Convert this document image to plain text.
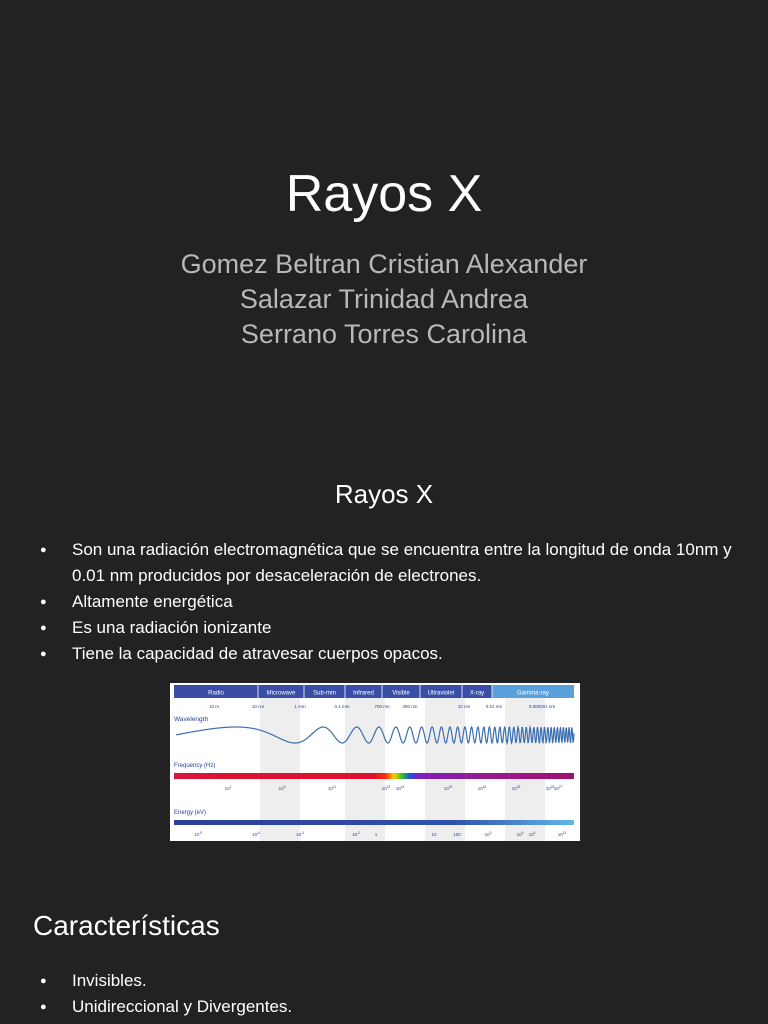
Rayos X
Gomez Beltran Cristian Alexander
Salazar Trinidad Andrea
Serrano Torres Carolina
Rayos X
● Son una radiación electromagnética que se encuentra entre la longitud de onda 10nm y 0.01 nm producidos por desaceleración de electrones.
● Altamente energética
● Es una radiación ionizante
● Tiene la capacidad de atravesar cuerpos opacos.
Radio	Microwave	Sub-mm	Infrared	Visible	Ultraviolet	X-ray	Gamma-ray
10 m	10 cm	1 mm	0.1 mm	700 nm	380 nm	10 nm	0.01 nm	0.000001 nm
Wavelength
Frequency (Hz)
$10^7$	$10^9$	$10^{11}$	$10^{12}$ $10^{14}$	$10^{15}$	$10^{16}$	$10^{18}$	$10^{20}$ $10^{27}$
Energy (eV)
$10^{-9}$	$10^{-6}$	$10^{-3}$	$10^{-2}$	1	10	100	$10^3$	$10^5$ $10^6$	$10^{13}$
Características
● Invisibles.
● Unidireccional y Divergentes.
